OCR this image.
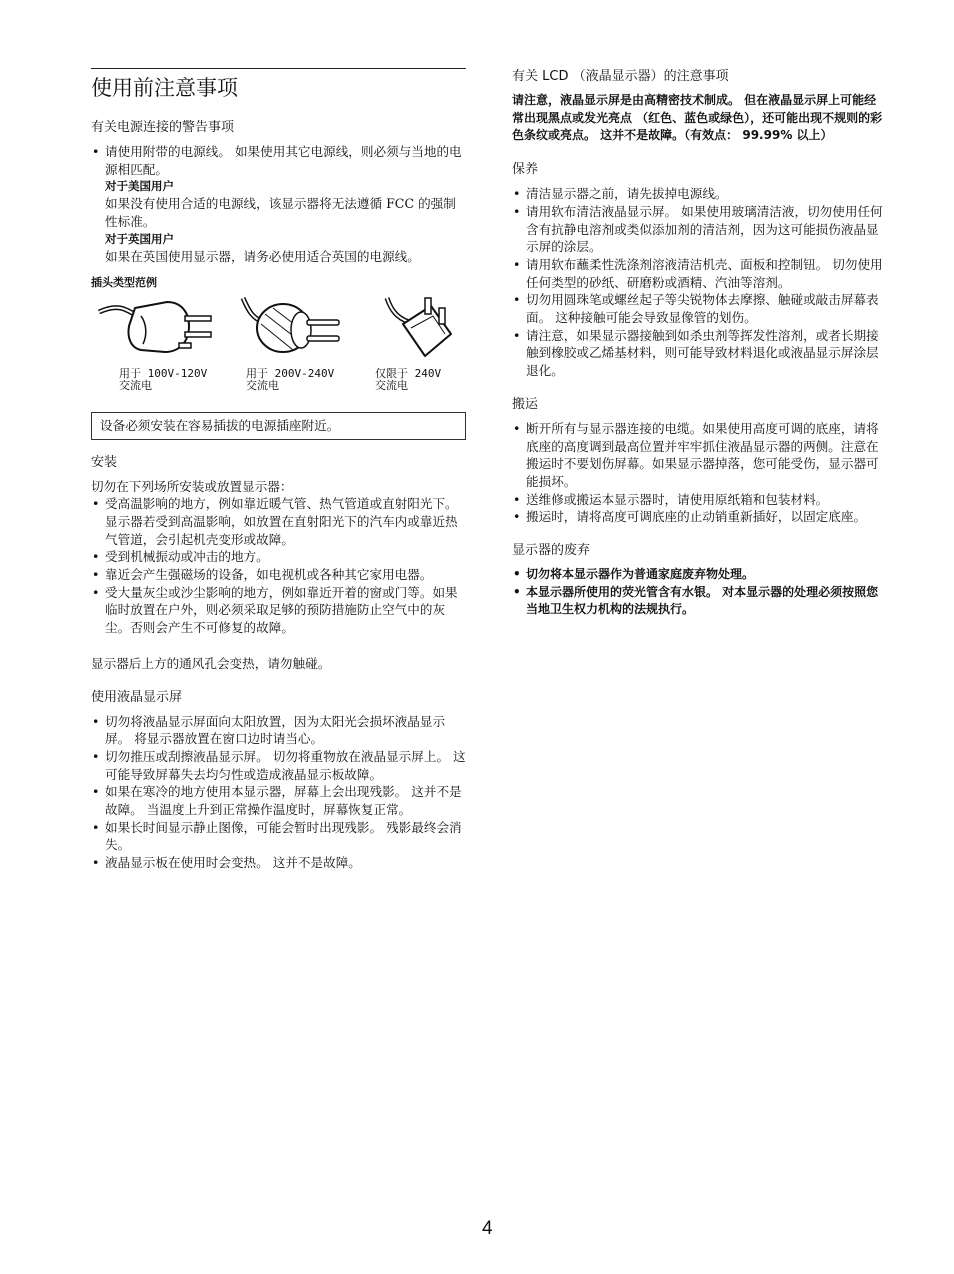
使用前注意事项
有关电源连接的警告事项
• 请使用附带的电源线。 如果使用其它电源线，则必须与当地的电源相匹配。
对于美国用户

如果没有使用合适的电源线，该显示器将无法遵循 FCC 的强制性标准。

对于英国用户

如果在英国使用显示器，请务必使用适合英国的电源线。

插头类型范例
用于 100V-120V
交流电
用于 200V-240V
交流电
仅限于 240V
交流电
设备必须安装在容易插拔的电源插座附近。
安装

切勿在下列场所安装或放置显示器：

• 受高温影响的地方，例如靠近暖气管、热气管道或直射阳光下。 显示器若受到高温影响，如放置在直射阳光下的汽车内或靠近热气管道，会引起机壳变形或故障。
• 受到机械振动或冲击的地方。
• 靠近会产生强磁场的设备，如电视机或各种其它家用电器。
• 受大量灰尘或沙尘影响的地方，例如靠近开着的窗或门等。如果临时放置在户外，则必须采取足够的预防措施防止空气中的灰尘。否则会产生不可修复的故障。

显示器后上方的通风孔会变热，请勿触碰。

使用液晶显示屏
• 切勿将液晶显示屏面向太阳放置，因为太阳光会损坏液晶显示屏。 将显示器放置在窗口边时请当心。
• 切勿推压或刮擦液晶显示屏。 切勿将重物放在液晶显示屏上。 这可能导致屏幕失去均匀性或造成液晶显示板故障。
• 如果在寒冷的地方使用本显示器，屏幕上会出现残影。 这并不是故障。 当温度上升到正常操作温度时，屏幕恢复正常。
• 如果长时间显示静止图像，可能会暂时出现残影。 残影最终会消失。
• 液晶显示板在使用时会变热。 这并不是故障。
有关 LCD （液晶显示器）的注意事项

请注意，液晶显示屏是由高精密技术制成。 但在液晶显示屏上可能经常出现黑点或发光亮点 （红色、蓝色或绿色），还可能出现不规则的彩色条纹或亮点。 这并不是故障。（有效点： 99.99% 以上）

保养
• 清洁显示器之前，请先拔掉电源线。
• 请用软布清洁液晶显示屏。 如果使用玻璃清洁液，切勿使用任何含有抗静电溶剂或类似添加剂的清洁剂，因为这可能损伤液晶显示屏的涂层。
• 请用软布蘸柔性洗涤剂溶液清洁机壳、面板和控制钮。 切勿使用任何类型的砂纸、研磨粉或酒精、汽油等溶剂。
• 切勿用圆珠笔或螺丝起子等尖锐物体去摩擦、触碰或敲击屏幕表面。 这种接触可能会导致显像管的划伤。
• 请注意，如果显示器接触到如杀虫剂等挥发性溶剂，或者长期接触到橡胶或乙烯基材料，则可能导致材料退化或液晶显示屏涂层退化。
搬运
• 断开所有与显示器连接的电缆。如果使用高度可调的底座，请将底座的高度调到最高位置并牢牢抓住液晶显示器的两侧。注意在搬运时不要划伤屏幕。如果显示器掉落，您可能受伤，显示器可能损坏。
• 送维修或搬运本显示器时，请使用原纸箱和包装材料。
• 搬运时，请将高度可调底座的止动销重新插好，以固定底座。
显示器的废弃
• 切勿将本显示器作为普通家庭废弃物处理。
• 本显示器所使用的荧光管含有水银。 对本显示器的处理必须按照您当地卫生权力机构的法规执行。
4
